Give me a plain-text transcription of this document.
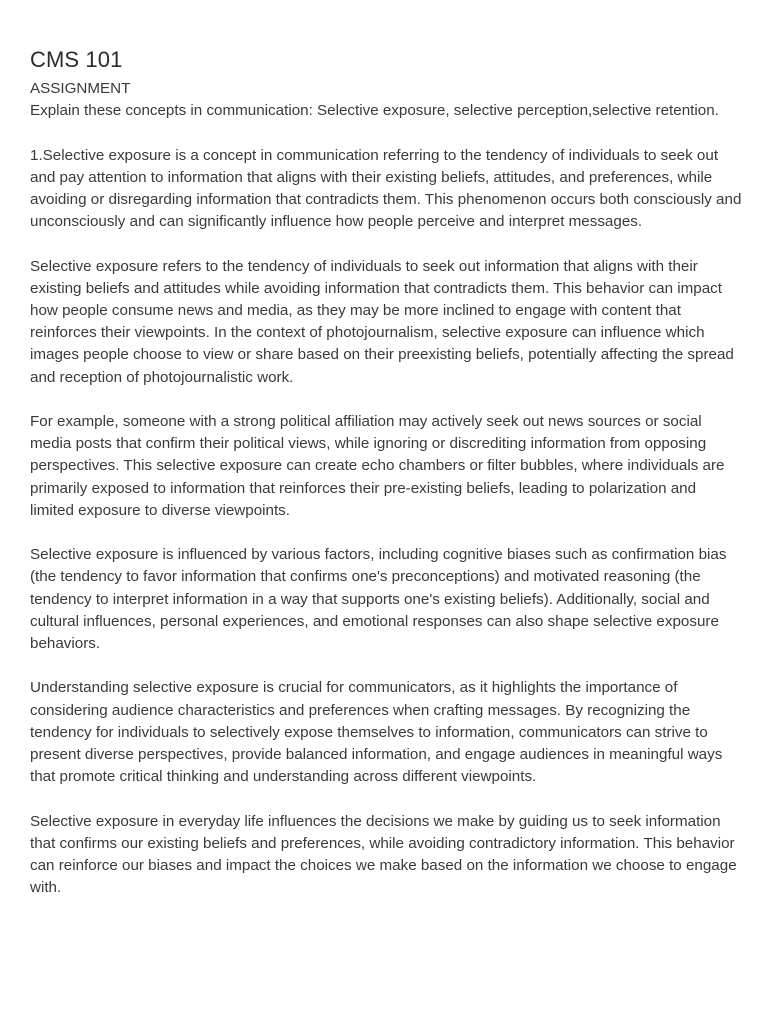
CMS 101
ASSIGNMENT
Explain these concepts in communication: Selective exposure, selective perception,selective retention.

1.Selective exposure is a concept in communication referring to the tendency of individuals to seek out and pay attention to information that aligns with their existing beliefs, attitudes, and preferences, while avoiding or disregarding information that contradicts them. This phenomenon occurs both consciously and unconsciously and can significantly influence how people perceive and interpret messages.

Selective exposure refers to the tendency of individuals to seek out information that aligns with their existing beliefs and attitudes while avoiding information that contradicts them. This behavior can impact how people consume news and media, as they may be more inclined to engage with content that reinforces their viewpoints. In the context of photojournalism, selective exposure can influence which images people choose to view or share based on their preexisting beliefs, potentially affecting the spread and reception of photojournalistic work.

For example, someone with a strong political affiliation may actively seek out news sources or social media posts that confirm their political views, while ignoring or discrediting information from opposing perspectives. This selective exposure can create echo chambers or filter bubbles, where individuals are primarily exposed to information that reinforces their pre-existing beliefs, leading to polarization and limited exposure to diverse viewpoints.

Selective exposure is influenced by various factors, including cognitive biases such as confirmation bias (the tendency to favor information that confirms one's preconceptions) and motivated reasoning (the tendency to interpret information in a way that supports one's existing beliefs). Additionally, social and cultural influences, personal experiences, and emotional responses can also shape selective exposure behaviors.

Understanding selective exposure is crucial for communicators, as it highlights the importance of considering audience characteristics and preferences when crafting messages. By recognizing the tendency for individuals to selectively expose themselves to information, communicators can strive to present diverse perspectives, provide balanced information, and engage audiences in meaningful ways that promote critical thinking and understanding across different viewpoints.

Selective exposure in everyday life influences the decisions we make by guiding us to seek information that confirms our existing beliefs and preferences, while avoiding contradictory information. This behavior can reinforce our biases and impact the choices we make based on the information we choose to engage with.
